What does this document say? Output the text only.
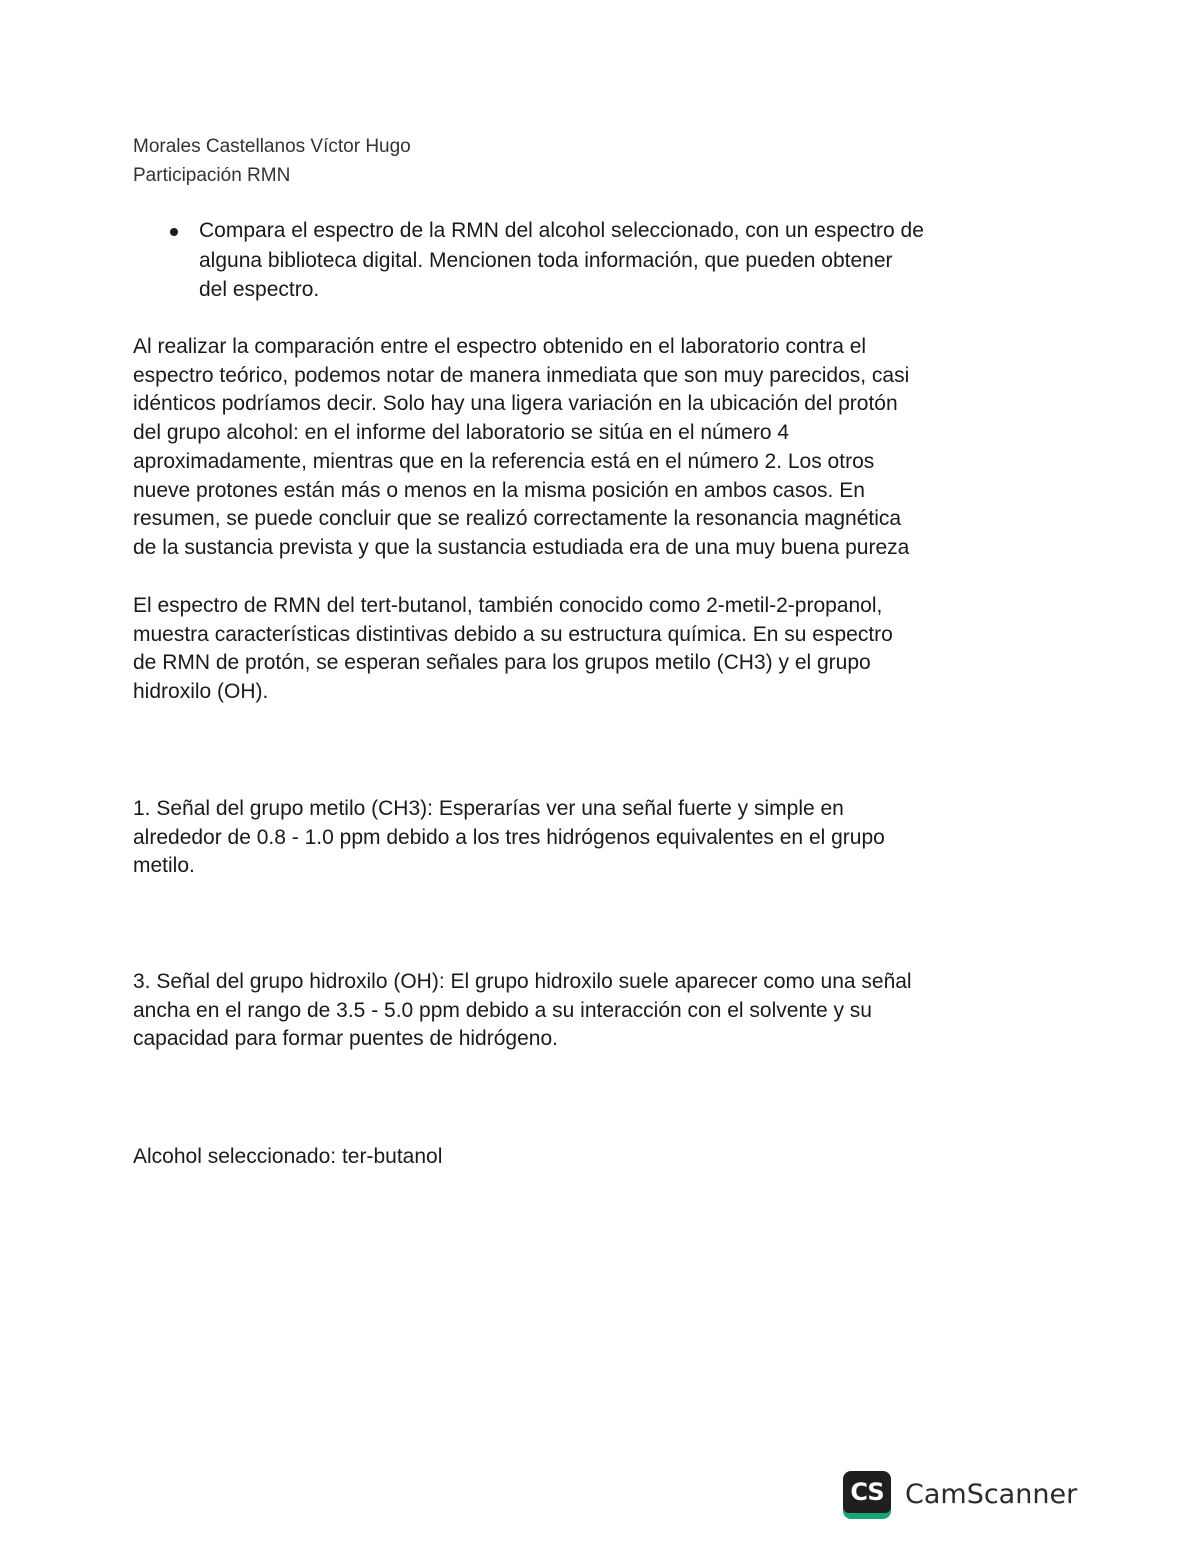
Morales Castellanos Víctor Hugo
Participación RMN
Compara el espectro de la RMN del alcohol seleccionado, con un espectro de
alguna biblioteca digital. Mencionen toda información, que pueden obtener
del espectro.
Al realizar la comparación entre el espectro obtenido en el laboratorio contra el
espectro teórico, podemos notar de manera inmediata que son muy parecidos, casi
idénticos podríamos decir. Solo hay una ligera variación en la ubicación del protón
del grupo alcohol: en el informe del laboratorio se sitúa en el número 4
aproximadamente, mientras que en la referencia está en el número 2. Los otros
nueve protones están más o menos en la misma posición en ambos casos. En
resumen, se puede concluir que se realizó correctamente la resonancia magnética
de la sustancia prevista y que la sustancia estudiada era de una muy buena pureza
El espectro de RMN del tert-butanol, también conocido como 2-metil-2-propanol,
muestra características distintivas debido a su estructura química. En su espectro
de RMN de protón, se esperan señales para los grupos metilo (CH3) y el grupo
hidroxilo (OH).
1. Señal del grupo metilo (CH3): Esperarías ver una señal fuerte y simple en
alrededor de 0.8 - 1.0 ppm debido a los tres hidrógenos equivalentes en el grupo
metilo.
3. Señal del grupo hidroxilo (OH): El grupo hidroxilo suele aparecer como una señal
ancha en el rango de 3.5 - 5.0 ppm debido a su interacción con el solvente y su
capacidad para formar puentes de hidrógeno.
Alcohol seleccionado: ter-butanol
CS CamScanner
